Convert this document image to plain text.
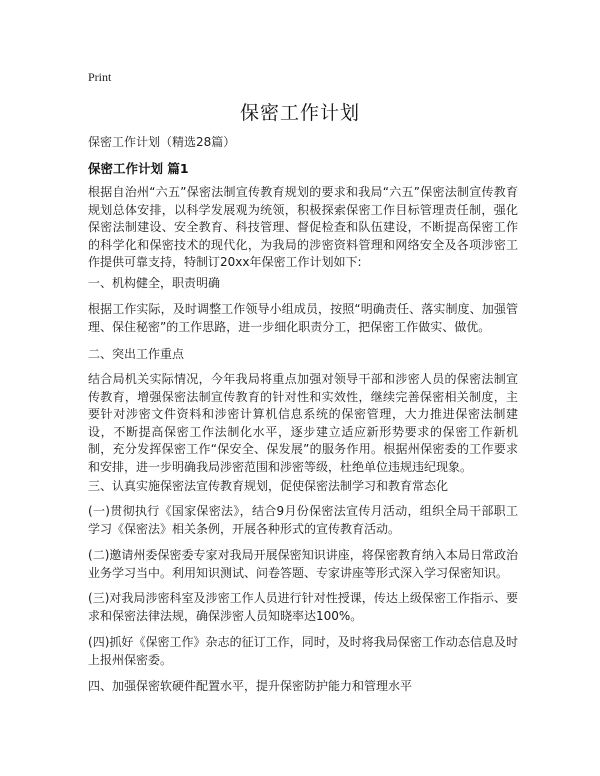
Print
保密工作计划
保密工作计划（精选28篇）
保密工作计划 篇1
根据自治州“六五”保密法制宣传教育规划的要求和我局“六五”保密法制宣传教育规划总体安排，以科学发展观为统领，积极探索保密工作目标管理责任制，强化保密法制建设、安全教育、科技管理、督促检查和队伍建设，不断提高保密工作的科学化和保密技术的现代化，为我局的涉密资料管理和网络安全及各项涉密工作提供可靠支持，特制订20xx年保密工作计划如下:
一、机构健全，职责明确
根据工作实际，及时调整工作领导小组成员，按照“明确责任、落实制度、加强管理、保住秘密”的工作思路，进一步细化职责分工，把保密工作做实、做优。
二、突出工作重点
结合局机关实际情况，今年我局将重点加强对领导干部和涉密人员的保密法制宣传教育，增强保密法制宣传教育的针对性和实效性，继续完善保密相关制度，主要针对涉密文件资料和涉密计算机信息系统的保密管理，大力推进保密法制建设，不断提高保密工作法制化水平，逐步建立适应新形势要求的保密工作新机制，充分发挥保密工作“保安全、保发展”的服务作用。根据州保密委的工作要求和安排，进一步明确我局涉密范围和涉密等级，杜绝单位违规违纪现象。
三、认真实施保密法宣传教育规划，促使保密法制学习和教育常态化
(一)贯彻执行《国家保密法》，结合9月份保密法宣传月活动，组织全局干部职工学习《保密法》相关条例，开展各种形式的宣传教育活动。
(二)邀请州委保密委专家对我局开展保密知识讲座，将保密教育纳入本局日常政治业务学习当中。利用知识测试、问卷答题、专家讲座等形式深入学习保密知识。
(三)对我局涉密科室及涉密工作人员进行针对性授课，传达上级保密工作指示、要求和保密法律法规，确保涉密人员知晓率达100%。
(四)抓好《保密工作》杂志的征订工作，同时，及时将我局保密工作动态信息及时上报州保密委。
四、加强保密软硬件配置水平，提升保密防护能力和管理水平
